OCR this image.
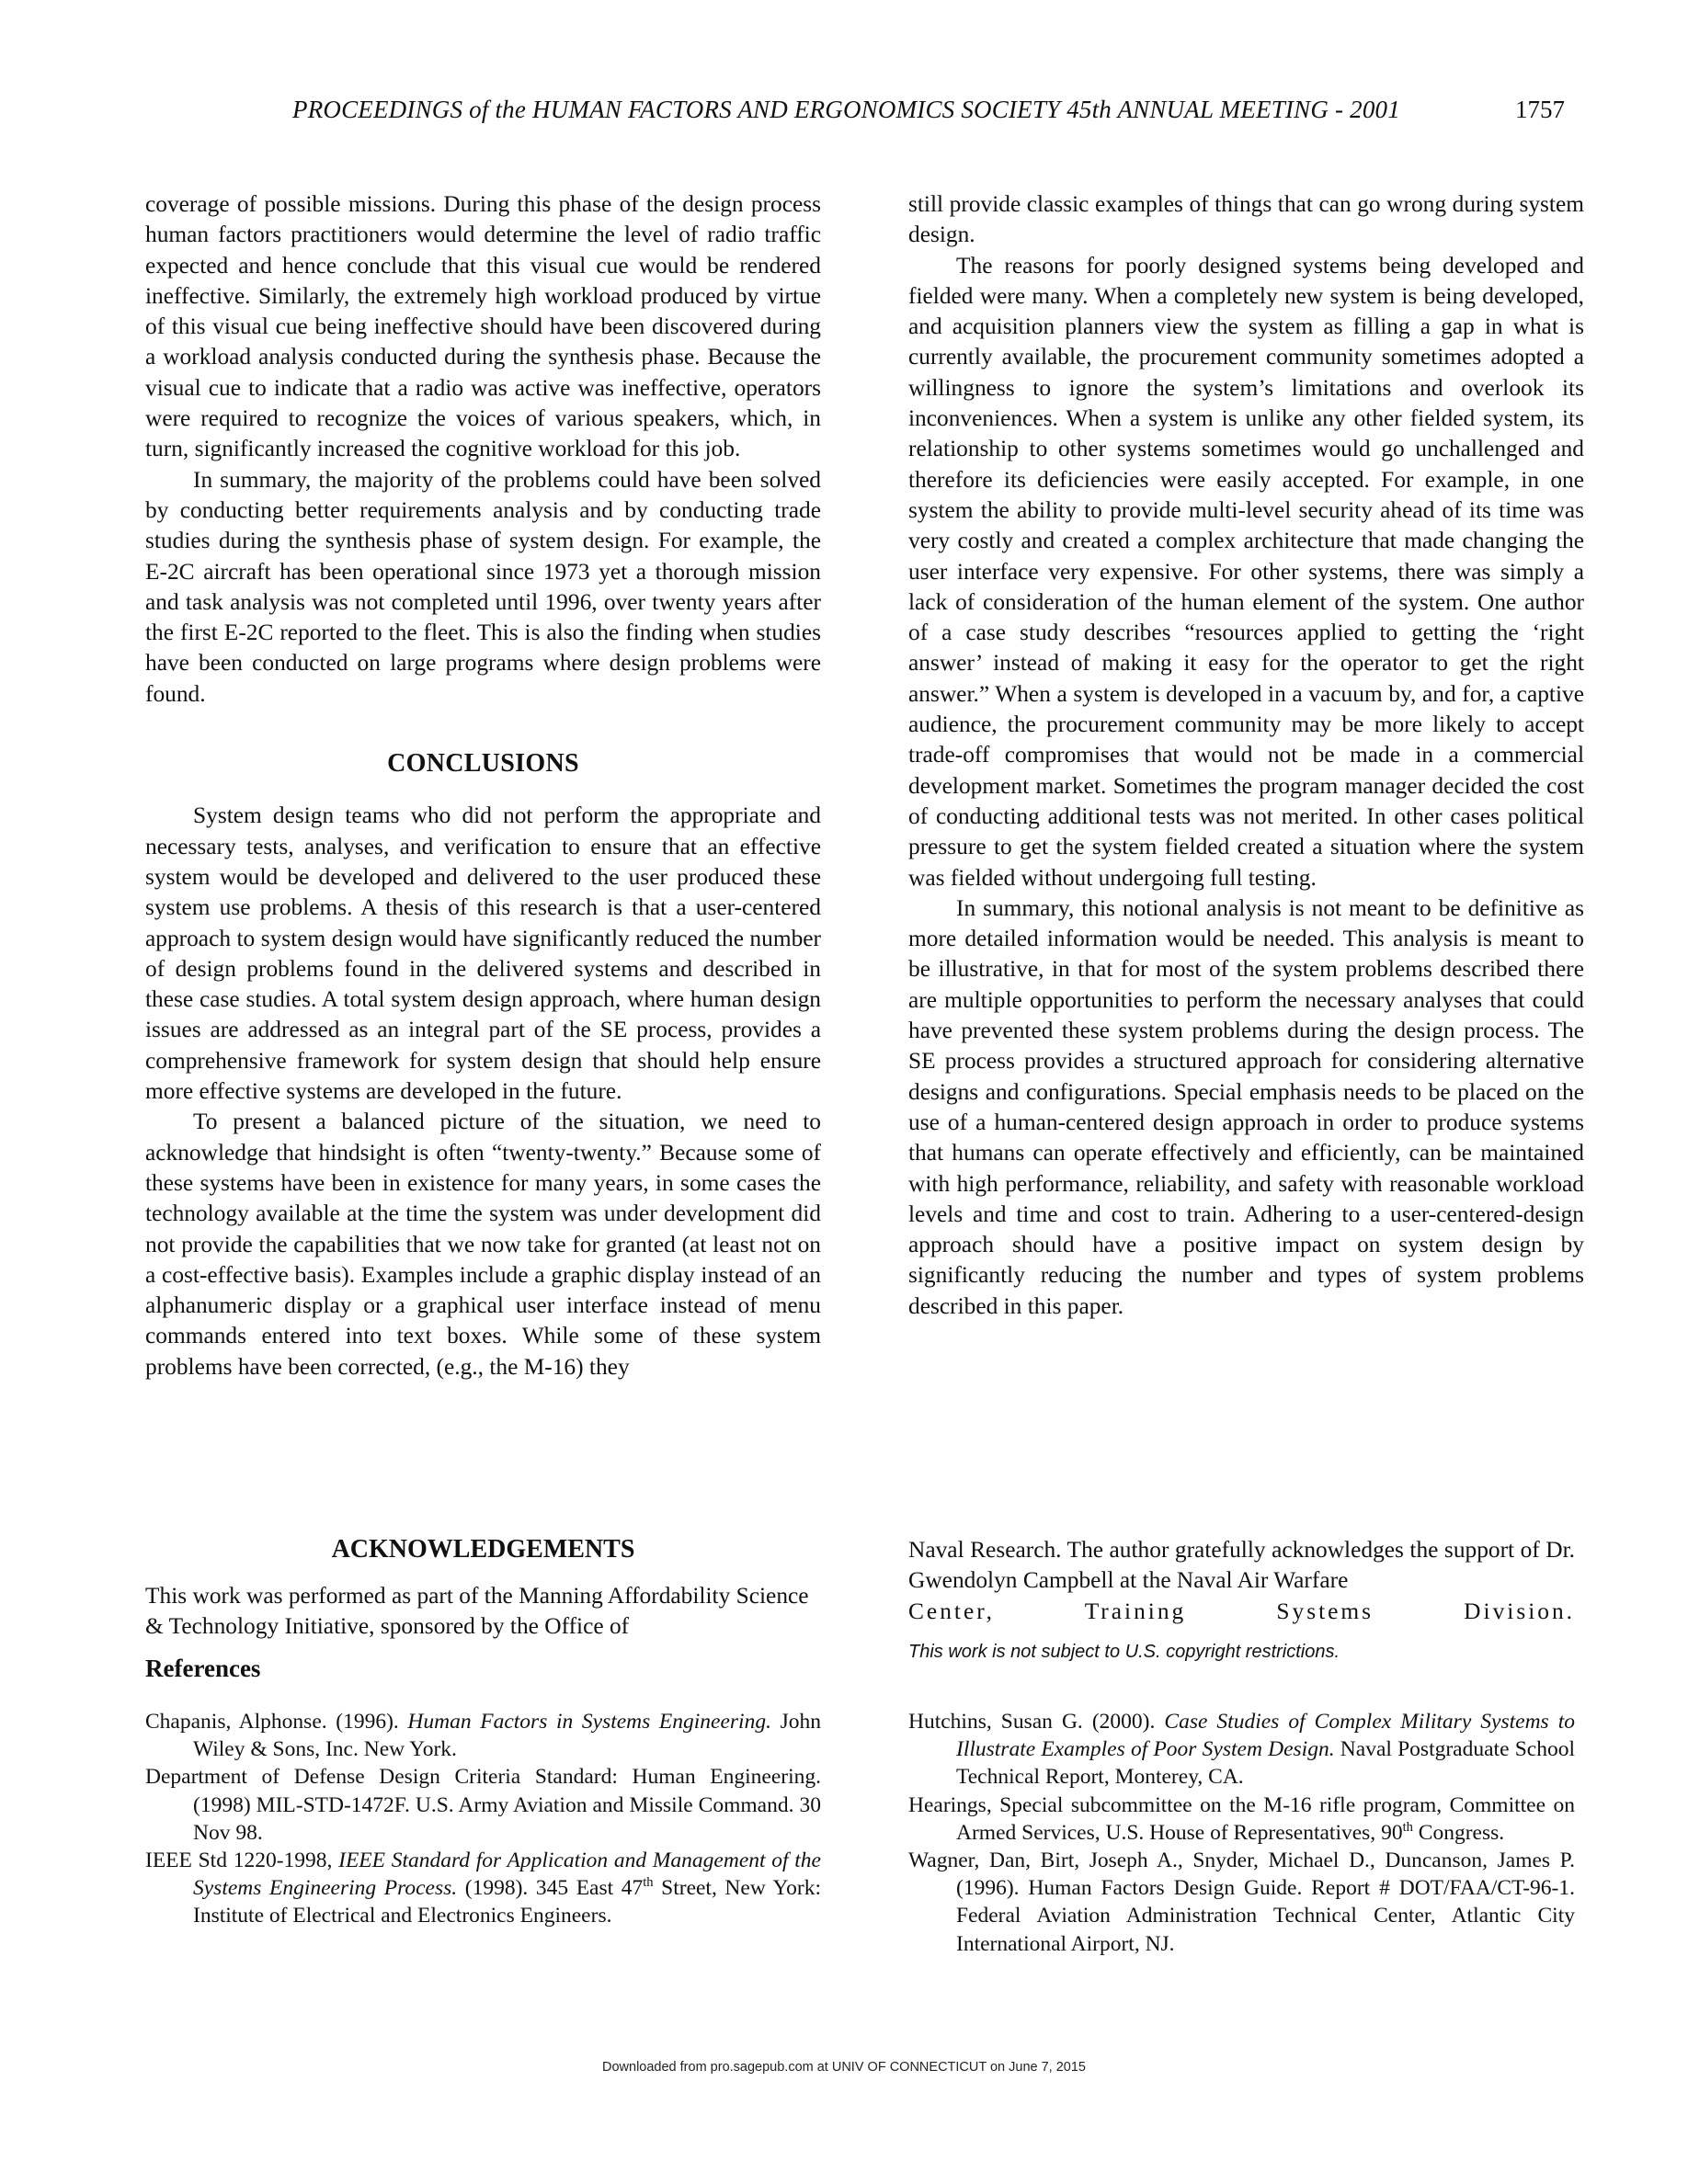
PROCEEDINGS of the HUMAN FACTORS AND ERGONOMICS SOCIETY 45th ANNUAL MEETING - 2001	1757

coverage of possible missions. During this phase of the design process human factors practitioners would determine the level of radio traffic expected and hence conclude that this visual cue would be rendered ineffective. Similarly, the extremely high workload produced by virtue of this visual cue being ineffective should have been discovered during a workload analysis conducted during the synthesis phase. Because the visual cue to indicate that a radio was active was ineffective, operators were required to recognize the voices of various speakers, which, in turn, significantly increased the cognitive workload for this job.

In summary, the majority of the problems could have been solved by conducting better requirements analysis and by conducting trade studies during the synthesis phase of system design. For example, the E-2C aircraft has been operational since 1973 yet a thorough mission and task analysis was not completed until 1996, over twenty years after the first E-2C reported to the fleet. This is also the finding when studies have been conducted on large programs where design problems were found.

CONCLUSIONS

System design teams who did not perform the appropriate and necessary tests, analyses, and verification to ensure that an effective system would be developed and delivered to the user produced these system use problems. A thesis of this research is that a user-centered approach to system design would have significantly reduced the number of design problems found in the delivered systems and described in these case studies. A total system design approach, where human design issues are addressed as an integral part of the SE process, provides a comprehensive framework for system design that should help ensure more effective systems are developed in the future.

To present a balanced picture of the situation, we need to acknowledge that hindsight is often “twenty-twenty.” Because some of these systems have been in existence for many years, in some cases the technology available at the time the system was under development did not provide the capabilities that we now take for granted (at least not on a cost-effective basis). Examples include a graphic display instead of an alphanumeric display or a graphical user interface instead of menu commands entered into text boxes. While some of these system problems have been corrected, (e.g., the M-16) they

still provide classic examples of things that can go wrong during system design.

The reasons for poorly designed systems being developed and fielded were many. When a completely new system is being developed, and acquisition planners view the system as filling a gap in what is currently available, the procurement community sometimes adopted a willingness to ignore the system’s limitations and overlook its inconveniences. When a system is unlike any other fielded system, its relationship to other systems sometimes would go unchallenged and therefore its deficiencies were easily accepted. For example, in one system the ability to provide multi-level security ahead of its time was very costly and created a complex architecture that made changing the user interface very expensive. For other systems, there was simply a lack of consideration of the human element of the system. One author of a case study describes “resources applied to getting the ‘right answer’ instead of making it easy for the operator to get the right answer.” When a system is developed in a vacuum by, and for, a captive audience, the procurement community may be more likely to accept trade-off compromises that would not be made in a commercial development market. Sometimes the program manager decided the cost of conducting additional tests was not merited. In other cases political pressure to get the system fielded created a situation where the system was fielded without undergoing full testing.

In summary, this notional analysis is not meant to be definitive as more detailed information would be needed. This analysis is meant to be illustrative, in that for most of the system problems described there are multiple opportunities to perform the necessary analyses that could have prevented these system problems during the design process. The SE process provides a structured approach for considering alternative designs and configurations. Special emphasis needs to be placed on the use of a human-centered design approach in order to produce systems that humans can operate effectively and efficiently, can be maintained with high performance, reliability, and safety with reasonable workload levels and time and cost to train. Adhering to a user-centered-design approach should have a positive impact on system design by significantly reducing the number and types of system problems described in this paper.

ACKNOWLEDGEMENTS
This work was performed as part of the Manning Affordability Science & Technology Initiative, sponsored by the Office of
Naval Research. The author gratefully acknowledges the support of Dr. Gwendolyn Campbell at the Naval Air Warfare
Center, Training Systems Division.
This work is not subject to U.S. copyright restrictions.
References
Chapanis, Alphonse. (1996). Human Factors in Systems Engineering. John Wiley & Sons, Inc. New York.
Department of Defense Design Criteria Standard: Human Engineering. (1998) MIL-STD-1472F. U.S. Army Aviation and Missile Command. 30 Nov 98.
IEEE Std 1220-1998, IEEE Standard for Application and Management of the Systems Engineering Process. (1998). 345 East 47th Street, New York: Institute of Electrical and Electronics Engineers.
Hutchins, Susan G. (2000). Case Studies of Complex Military Systems to Illustrate Examples of Poor System Design. Naval Postgraduate School Technical Report, Monterey, CA.
Hearings, Special subcommittee on the M-16 rifle program, Committee on Armed Services, U.S. House of Representatives, 90th Congress.
Wagner, Dan, Birt, Joseph A., Snyder, Michael D., Duncanson, James P. (1996). Human Factors Design Guide. Report # DOT/FAA/CT-96-1. Federal Aviation Administration Technical Center, Atlantic City International Airport, NJ.
Downloaded from pro.sagepub.com at UNIV OF CONNECTICUT on June 7, 2015
